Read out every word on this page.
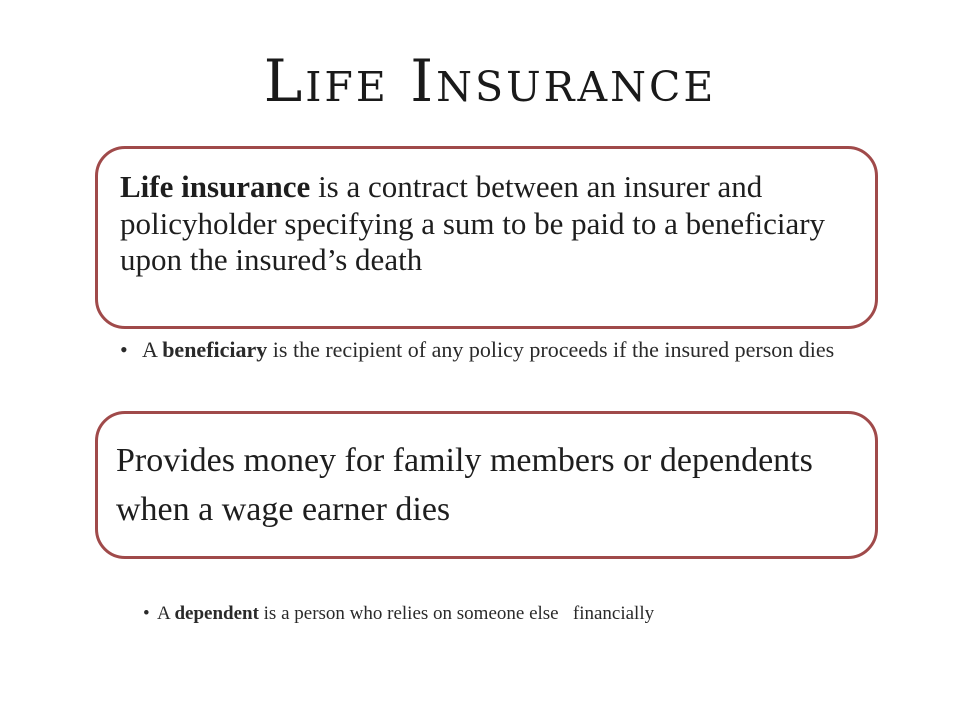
Life Insurance
Life insurance is a contract between an insurer and policyholder specifying a sum to be paid to a beneficiary upon the insured’s death
• A beneficiary is the recipient of any policy proceeds if the insured person dies
Provides money for family members or dependents when a wage earner dies
• A dependent is a person who relies on someone else   financially
